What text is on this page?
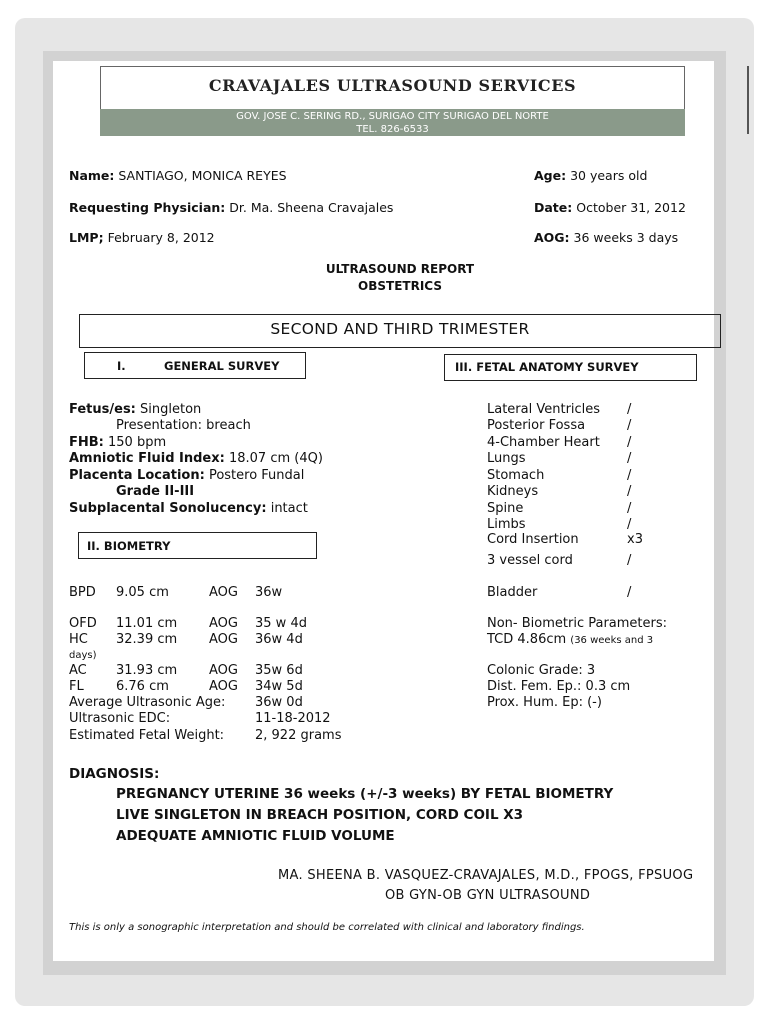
CRAVAJALES ULTRASOUND SERVICES
GOV. JOSE C. SERING RD., SURIGAO CITY SURIGAO DEL NORTE
TEL. 826-6533
Name: SANTIAGO, MONICA REYES	Age: 30 years old
Requesting Physician: Dr. Ma. Sheena Cravajales	Date: October 31, 2012
LMP; February 8, 2012	AOG: 36 weeks 3 days
ULTRASOUND REPORT
OBSTETRICS
SECOND AND THIRD TRIMESTER
I.	GENERAL SURVEY	III. FETAL ANATOMY SURVEY
II. BIOMETRY
Fetus/es: Singleton
Presentation: breach
FHB: 150 bpm
Amniotic Fluid Index: 18.07 cm (4Q)
Placenta Location: Postero Fundal
Grade II-III
Subplacental Sonolucency: intact
Lateral Ventricles /
Posterior Fossa	/
4-Chamber Heart /
Lungs	/
Stomach	/
Kidneys	/
Spine	/
Limbs	/
Cord Insertion	x3
3 vessel cord	/
Bladder	/
BPD 9.05 cm	AOG 36w
OFD 11.01 cm AOG 35 w 4d
HC 32.39 cm AOG 36w 4d
days)
AC 31.93 cm AOG 35w 6d
FL 6.76 cm	AOG 34w 5d
Average Ultrasonic Age: 36w 0d
Ultrasonic EDC:	11-18-2012
Estimated Fetal Weight: 2, 922 grams
Non- Biometric Parameters:
TCD 4.86cm (36 weeks and 3
Colonic Grade: 3
Dist. Fem. Ep.: 0.3 cm
Prox. Hum. Ep: (-)
DIAGNOSIS:
PREGNANCY UTERINE 36 weeks (+/-3 weeks) BY FETAL BIOMETRY
LIVE SINGLETON IN BREACH POSITION, CORD COIL X3
ADEQUATE AMNIOTIC FLUID VOLUME
MA. SHEENA B. VASQUEZ-CRAVAJALES, M.D., FPOGS, FPSUOG
OB GYN-OB GYN ULTRASOUND
This is only a sonographic interpretation and should be correlated with clinical and laboratory findings.
